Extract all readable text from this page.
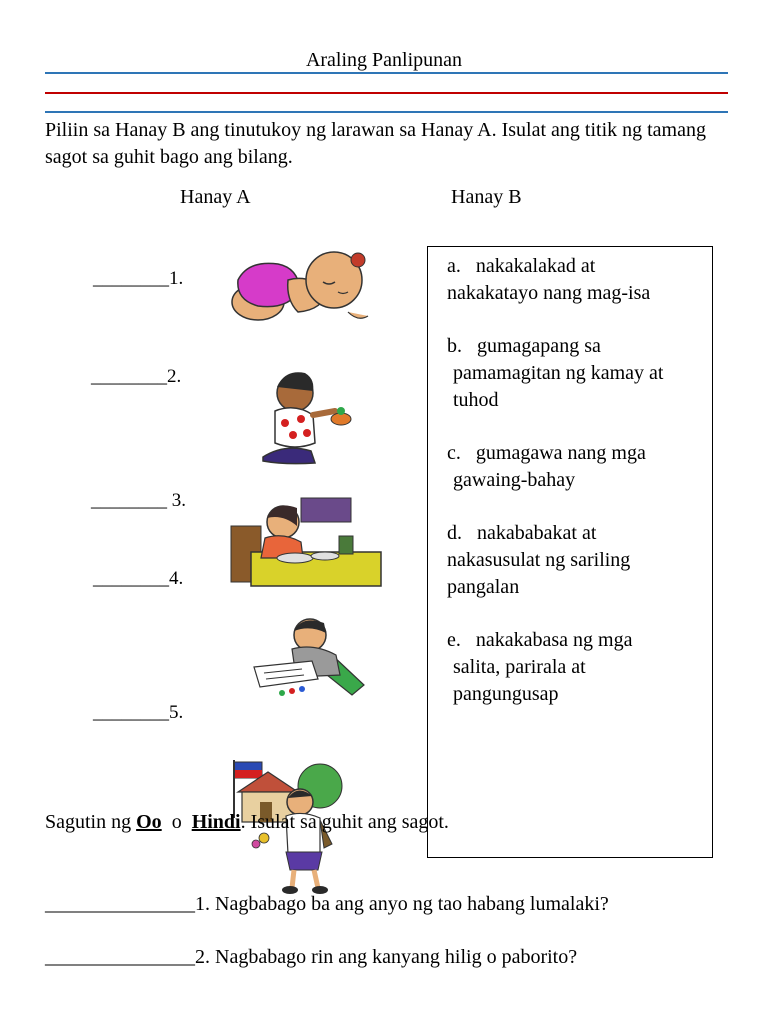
Araling Panlipunan
Piliin sa Hanay B ang tinutukoy ng larawan sa Hanay A. Isulat ang titik ng tamang sagot sa guhit bago ang bilang.
Hanay A	Hanay B
________1.
________2.
________ 3.
________4.
________5.
a. nakakalakad at
nakakatayo nang mag-isa
b. gumagapang sa

pamamagitan ng kamay at tuhod
c. gumagawa nang mga

gawaing-bahay
d. nakababakat at

nakasusulat ng sariling pangalan
e. nakakabasa ng mga

salita, parirala at pangungusap
Sagutin ng Oo  o  Hindi. Isulat sa guhit ang sagot.
_______________1. Nagbabago ba ang anyo ng tao habang lumalaki?
_______________2. Nagbabago rin ang kanyang hilig o paborito?
